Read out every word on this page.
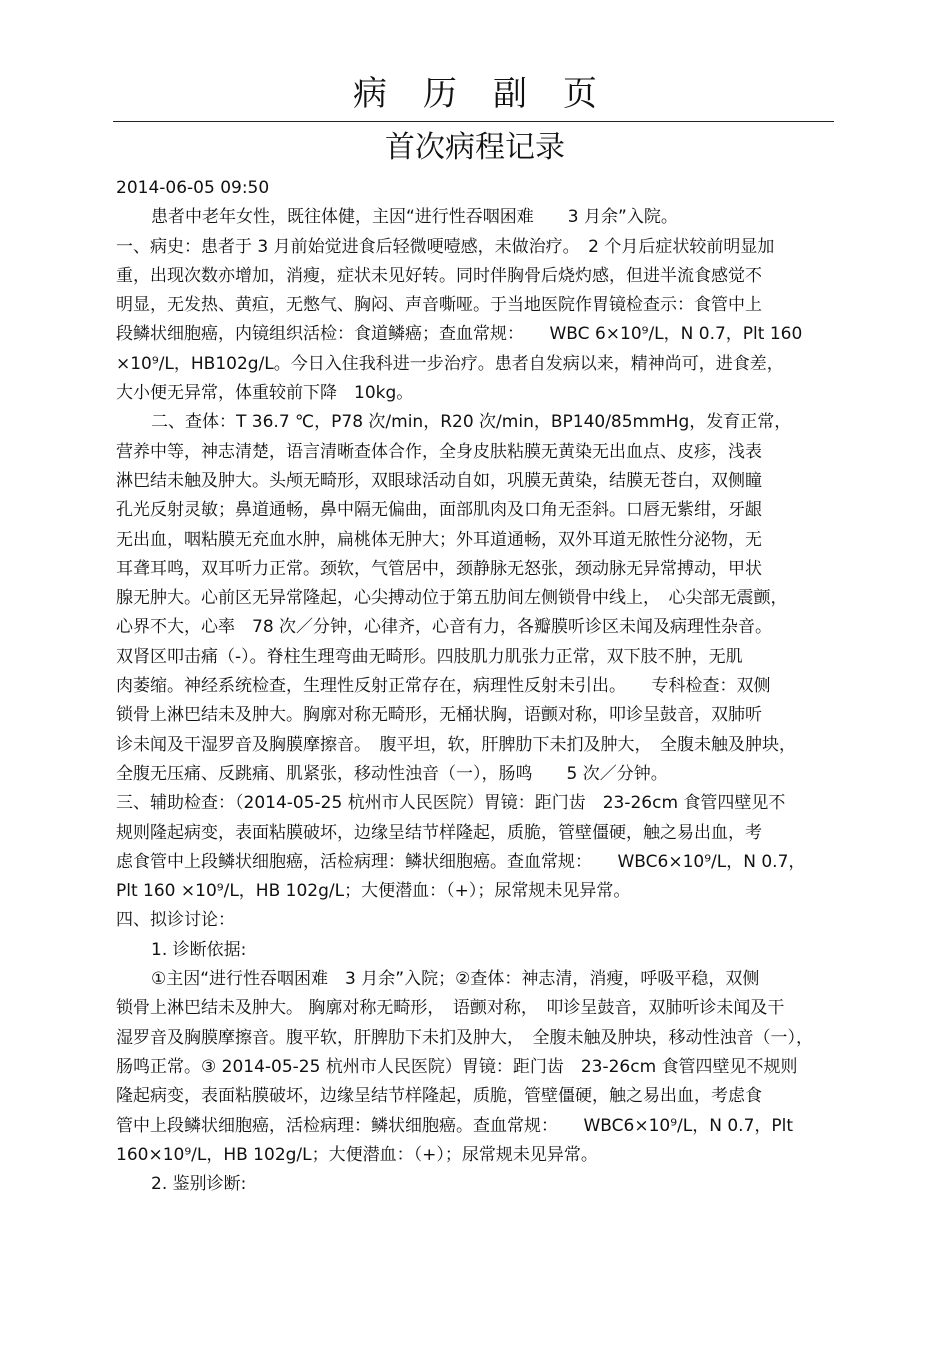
病历副页
首次病程记录
2014-06-05 09:50
患者中老年女性，既往体健，主因“进行性吞咽困难　　3 月余”入院。
一、病史：患者于 3 月前始觉进食后轻微哽噎感，未做治疗。　2 个月后症状较前明显加
重，出现次数亦增加，消瘦，症状未见好转。同时伴胸骨后烧灼感，但进半流食感觉不
明显，无发热、黄疸，无憋气、胸闷、声音嘶哑。于当地医院作胃镜检查示：食管中上
段鳞状细胞癌，内镜组织活检：食道鳞癌；查血常规：　　WBC 6×10⁹/L，N 0.7，Plt 160
×10⁹/L，HB102g/L。今日入住我科进一步治疗。患者自发病以来，精神尚可，进食差，
大小便无异常，体重较前下降　10kg。
二、查体：T 36.7 ℃，P78 次/min，R20 次/min，BP140/85mmHg，发育正常，
营养中等，神志清楚，语言清晰查体合作，全身皮肤粘膜无黄染无出血点、皮疹，浅表
淋巴结未触及肿大。头颅无畸形，双眼球活动自如，巩膜无黄染，结膜无苍白，双侧瞳
孔光反射灵敏；鼻道通畅，鼻中隔无偏曲，面部肌肉及口角无歪斜。口唇无紫绀，牙龈
无出血，咽粘膜无充血水肿，扁桃体无肿大；外耳道通畅，双外耳道无脓性分泌物，无
耳聋耳鸣，双耳听力正常。颈软，气管居中，颈静脉无怒张，颈动脉无异常搏动，甲状
腺无肿大。心前区无异常隆起，心尖搏动位于第五肋间左侧锁骨中线上，　心尖部无震颤，
心界不大，心率　78 次／分钟，心律齐，心音有力，各瓣膜听诊区未闻及病理性杂音。
双肾区叩击痛（-）。脊柱生理弯曲无畸形。四肢肌力肌张力正常，双下肢不肿，无肌
肉萎缩。神经系统检查，生理性反射正常存在，病理性反射未引出。　　专科检查：双侧
锁骨上淋巴结未及肿大。胸廓对称无畸形，无桶状胸，语颤对称，叩诊呈鼓音，双肺听
诊未闻及干湿罗音及胸膜摩擦音。　腹平坦，软，肝脾肋下未扪及肿大，　全腹未触及肿块，
全腹无压痛、反跳痛、肌紧张，移动性浊音（一），肠鸣　　5 次／分钟。
三、辅助检查：（2014-05-25 杭州市人民医院）胃镜：距门齿　23-26cm 食管四壁见不
规则隆起病变，表面粘膜破坏，边缘呈结节样隆起，质脆，管壁僵硬，触之易出血，考
虑食管中上段鳞状细胞癌，活检病理：鳞状细胞癌。查血常规：　　WBC6×10⁹/L，N 0.7，
Plt 160 ×10⁹/L，HB 102g/L；大便潜血：（+）；尿常规未见异常。
四、拟诊讨论：
1. 诊断依据:
①主因“进行性吞咽困难　3 月余”入院；②查体：神志清，消瘦，呼吸平稳，双侧
锁骨上淋巴结未及肿大。 胸廓对称无畸形，　语颤对称，　叩诊呈鼓音，双肺听诊未闻及干
湿罗音及胸膜摩擦音。腹平软，肝脾肋下未扪及肿大，　全腹未触及肿块，移动性浊音（一），
肠鸣正常。③ 2014-05-25 杭州市人民医院）胃镜：距门齿　23-26cm 食管四壁见不规则
隆起病变，表面粘膜破坏，边缘呈结节样隆起，质脆，管壁僵硬，触之易出血，考虑食
管中上段鳞状细胞癌，活检病理：鳞状细胞癌。查血常规：　　WBC6×10⁹/L，N 0.7，Plt
160×10⁹/L，HB 102g/L；大便潜血：（+）；尿常规未见异常。
2. 鉴别诊断:
